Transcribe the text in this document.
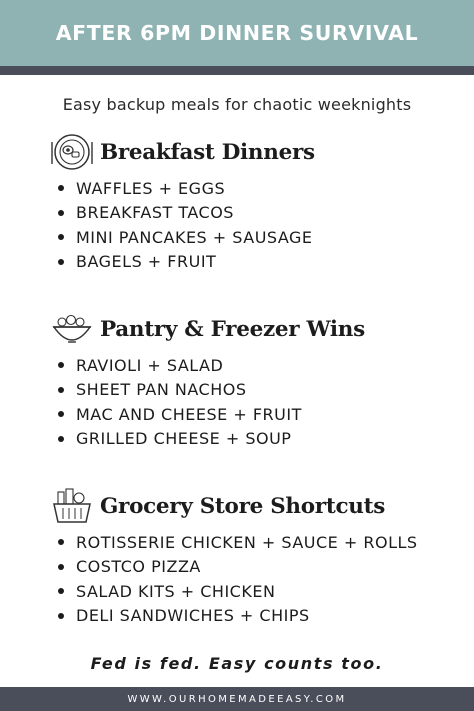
AFTER 6PM DINNER SURVIVAL
Easy backup meals for chaotic weeknights
Breakfast Dinners
WAFFLES + EGGS
BREAKFAST TACOS
MINI PANCAKES + SAUSAGE
BAGELS + FRUIT
Pantry & Freezer Wins
RAVIOLI + SALAD
SHEET PAN NACHOS
MAC AND CHEESE + FRUIT
GRILLED CHEESE + SOUP
Grocery Store Shortcuts
ROTISSERIE CHICKEN + SAUCE + ROLLS
COSTCO PIZZA
SALAD KITS + CHICKEN
DELI SANDWICHES + CHIPS
Fed is fed. Easy counts too.
WWW.OURHOMEMADEEASY.COM
